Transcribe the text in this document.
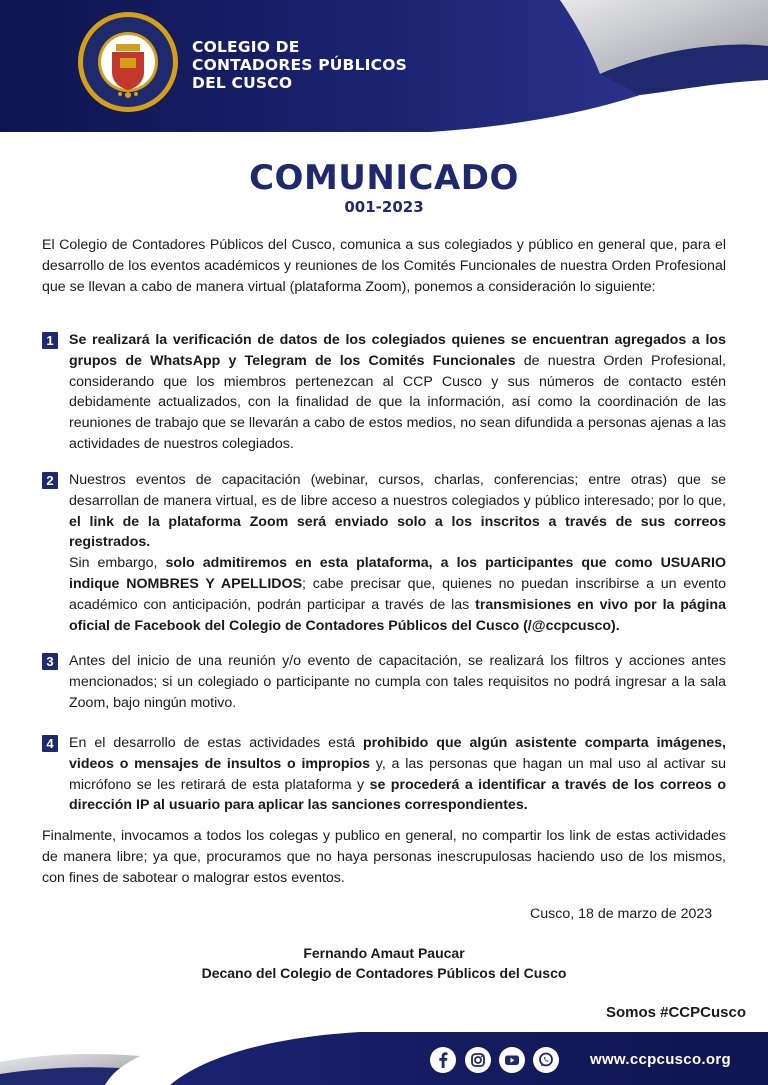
COLEGIO DE
CONTADORES PÚBLICOS
DEL CUSCO
COMUNICADO
001-2023
El Colegio de Contadores Públicos del Cusco, comunica a sus colegiados y público en general que, para el desarrollo de los eventos académicos y reuniones de los Comités Funcionales de nuestra Orden Profesional que se llevan a cabo de manera virtual (plataforma Zoom), ponemos a consideración lo siguiente:
1	Se realizará la verificación de datos de los colegiados quienes se encuentran agregados a los grupos de WhatsApp y Telegram de los Comités Funcionales de nuestra Orden Profesional, considerando que los miembros pertenezcan al CCP Cusco y sus números de contacto estén debidamente actualizados, con la finalidad de que la información, así como la coordinación de las reuniones de trabajo que se llevarán a cabo de estos medios, no sean difundida a personas ajenas a las actividades de nuestros colegiados.
2	Nuestros eventos de capacitación (webinar, cursos, charlas, conferencias; entre otras) que se desarrollan de manera virtual, es de libre acceso a nuestros colegiados y público interesado; por lo que, el link de la plataforma Zoom será enviado solo a los inscritos a través de sus correos registrados.
Sin embargo, solo admitiremos en esta plataforma, a los participantes que como USUARIO indique NOMBRES Y APELLIDOS; cabe precisar que, quienes no puedan inscribirse a un evento académico con anticipación, podrán participar a través de las transmisiones en vivo por la página oficial de Facebook del Colegio de Contadores Públicos del Cusco (/@ccpcusco).
3	Antes del inicio de una reunión y/o evento de capacitación, se realizará los filtros y acciones antes mencionados; si un colegiado o participante no cumpla con tales requisitos no podrá ingresar a la sala Zoom, bajo ningún motivo.
4	En el desarrollo de estas actividades está prohibido que algún asistente comparta imágenes, videos o mensajes de insultos o impropios y, a las personas que hagan un mal uso al activar su micrófono se les retirará de esta plataforma y se procederá a identificar a través de los correos o dirección IP al usuario para aplicar las sanciones correspondientes.
Finalmente, invocamos a todos los colegas y publico en general, no compartir los link de estas actividades de manera libre; ya que, procuramos que no haya personas inescrupulosas haciendo uso de los mismos, con fines de sabotear o malograr estos eventos.
Cusco, 18 de marzo de 2023
Fernando Amaut Paucar
Decano del Colegio de Contadores Públicos del Cusco
Somos #CCPCusco
www.ccpcusco.org
